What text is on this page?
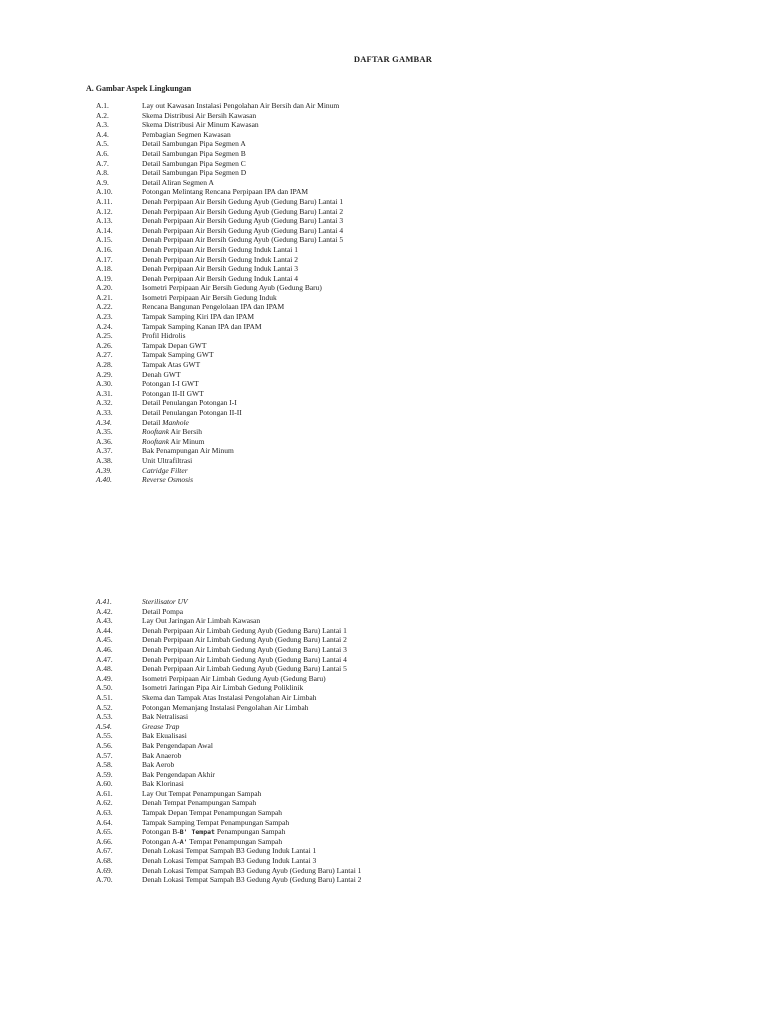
DAFTAR GAMBAR
A. Gambar Aspek Lingkungan
A.1.	Lay out Kawasan Instalasi Pengolahan Air Bersih dan Air Minum
A.2.	Skema Distribusi Air Bersih Kawasan
A.3.	Skema Distribusi Air Minum Kawasan
A.4.	Pembagian Segmen Kawasan
A.5.	Detail Sambungan Pipa Segmen A
A.6.	Detail Sambungan Pipa Segmen B
A.7.	Detail Sambungan Pipa Segmen C
A.8.	Detail Sambungan Pipa Segmen D
A.9.	Detail Aliran Segmen A
A.10.	Potongan Melintang Rencana Perpipaan IPA dan IPAM
A.11.	Denah Perpipaan Air Bersih Gedung Ayub (Gedung Baru) Lantai 1
A.12.	Denah Perpipaan Air Bersih Gedung Ayub (Gedung Baru) Lantai 2
A.13.	Denah Perpipaan Air Bersih Gedung Ayub (Gedung Baru) Lantai 3
A.14.	Denah Perpipaan Air Bersih Gedung Ayub (Gedung Baru) Lantai 4
A.15.	Denah Perpipaan Air Bersih Gedung Ayub (Gedung Baru) Lantai 5
A.16.	Denah Perpipaan Air Bersih Gedung Induk Lantai 1
A.17.	Denah Perpipaan Air Bersih Gedung Induk Lantai 2
A.18.	Denah Perpipaan Air Bersih Gedung Induk Lantai 3
A.19.	Denah Perpipaan Air Bersih Gedung Induk Lantai 4
A.20.	Isometri Perpipaan Air Bersih Gedung Ayub (Gedung Baru)
A.21.	Isometri Perpipaan Air Bersih Gedung Induk
A.22.	Rencana Bangunan Pengelolaan IPA dan IPAM
A.23.	Tampak Samping Kiri IPA dan IPAM
A.24.	Tampak Samping Kanan IPA dan IPAM
A.25.	Profil Hidrolis
A.26.	Tampak Depan GWT
A.27.	Tampak Samping GWT
A.28.	Tampak Atas GWT
A.29.	Denah GWT
A.30.	Potongan I-I GWT
A.31.	Potongan II-II GWT
A.32.	Detail Penulangan Potongan I-I
A.33.	Detail Penulangan Potongan II-II
A.34.	Detail Manhole
A.35.	Rooftank Air Bersih
A.36.	Rooftank Air Minum
A.37.	Bak Penampungan Air Minum
A.38.	Unit Ultrafiltrasi
A.39.	Catridge Filter
A.40.	Reverse Osmosis
A.41.	Sterilisator UV
A.42.	Detail Pompa
A.43.	Lay Out Jaringan Air Limbah Kawasan
A.44.	Denah Perpipaan Air Limbah Gedung Ayub (Gedung Baru) Lantai 1
A.45.	Denah Perpipaan Air Limbah Gedung Ayub (Gedung Baru) Lantai 2
A.46.	Denah Perpipaan Air Limbah Gedung Ayub (Gedung Baru) Lantai 3
A.47.	Denah Perpipaan Air Limbah Gedung Ayub (Gedung Baru) Lantai 4
A.48.	Denah Perpipaan Air Limbah Gedung Ayub (Gedung Baru) Lantai 5
A.49.	Isometri Perpipaan Air Limbah Gedung Ayub (Gedung Baru)
A.50.	Isometri Jaringan Pipa Air Limbah Gedung Poliklinik
A.51.	Skema dan Tampak Atas Instalasi Pengolahan Air Limbah
A.52.	Potongan Memanjang Instalasi Pengolahan Air Limbah
A.53.	Bak Netralisasi
A.54.	Grease Trap
A.55.	Bak Ekualisasi
A.56.	Bak Pengendapan Awal
A.57.	Bak Anaerob
A.58.	Bak Aerob
A.59.	Bak Pengendapan Akhir
A.60.	Bak Klorinasi
A.61.	Lay Out Tempat Penampungan Sampah
A.62.	Denah Tempat Penampungan Sampah
A.63.	Tampak Depan Tempat Penampungan Sampah
A.64.	Tampak Samping Tempat Penampungan Sampah
A.65.	Potongan B-B' Tempat Penampungan Sampah
A.66.	Potongan A-A' Tempat Penampungan Sampah
A.67.	Denah Lokasi Tempat Sampah B3 Gedung Induk Lantai 1
A.68.	Denah Lokasi Tempat Sampah B3 Gedung Induk Lantai 3
A.69.	Denah Lokasi Tempat Sampah B3 Gedung Ayub (Gedung Baru) Lantai 1
A.70.	Denah Lokasi Tempat Sampah B3 Gedung Ayub (Gedung Baru) Lantai 2
